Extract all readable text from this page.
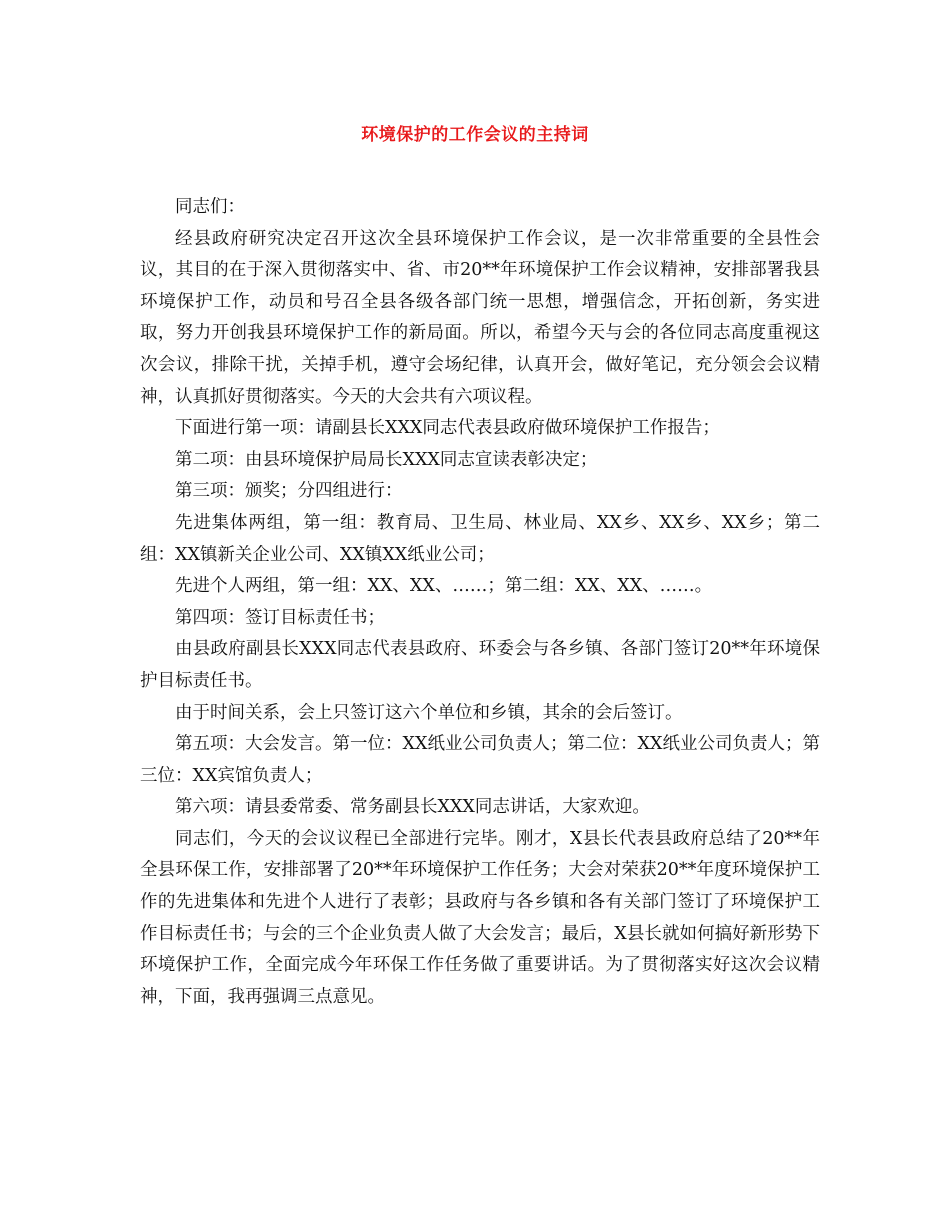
环境保护的工作会议的主持词

同志们：

经县政府研究决定召开这次全县环境保护工作会议，是一次非常重要的全县性会议，其目的在于深入贯彻落实中、省、市20**年环境保护工作会议精神，安排部署我县环境保护工作，动员和号召全县各级各部门统一思想，增强信念，开拓创新，务实进取，努力开创我县环境保护工作的新局面。所以，希望今天与会的各位同志高度重视这次会议，排除干扰，关掉手机，遵守会场纪律，认真开会，做好笔记，充分领会会议精神，认真抓好贯彻落实。今天的大会共有六项议程。

下面进行第一项：请副县长XXX同志代表县政府做环境保护工作报告；

第二项：由县环境保护局局长XXX同志宣读表彰决定；

第三项：颁奖；分四组进行：

先进集体两组，第一组：教育局、卫生局、林业局、XX乡、XX乡、XX乡；第二组：XX镇新关企业公司、XX镇XX纸业公司；

先进个人两组，第一组：XX、XX、……；第二组：XX、XX、……。

第四项：签订目标责任书；

由县政府副县长XXX同志代表县政府、环委会与各乡镇、各部门签订20**年环境保护目标责任书。

由于时间关系，会上只签订这六个单位和乡镇，其余的会后签订。

第五项：大会发言。第一位：XX纸业公司负责人；第二位：XX纸业公司负责人；第三位：XX宾馆负责人；

第六项：请县委常委、常务副县长XXX同志讲话，大家欢迎。

同志们，今天的会议议程已全部进行完毕。刚才，X县长代表县政府总结了20**年全县环保工作，安排部署了20**年环境保护工作任务；大会对荣获20**年度环境保护工作的先进集体和先进个人进行了表彰；县政府与各乡镇和各有关部门签订了环境保护工作目标责任书；与会的三个企业负责人做了大会发言；最后，X县长就如何搞好新形势下环境保护工作，全面完成今年环保工作任务做了重要讲话。为了贯彻落实好这次会议精神，下面，我再强调三点意见。
